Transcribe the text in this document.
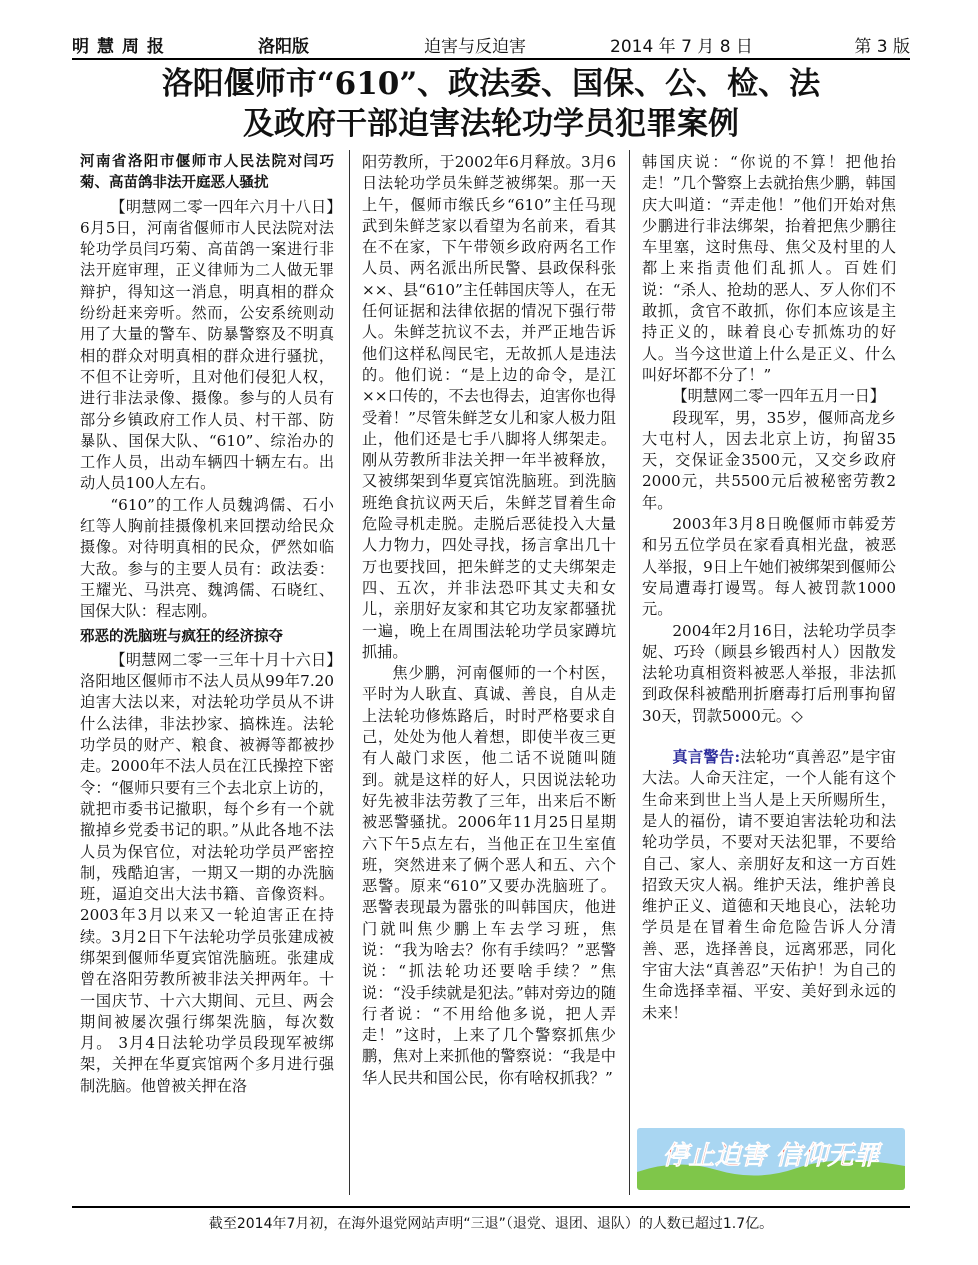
明慧周报	洛阳版	迫害与反迫害	2014 年 7 月 8 日	第 3 版
洛阳偃师市“610”、政法委、国保、公、检、法
及政府干部迫害法轮功学员犯罪案例
河南省洛阳市偃师市人民法院对闫巧菊、高苗鸽非法开庭恶人骚扰

【明慧网二零一四年六月十八日】6月5日，河南省偃师市人民法院对法轮功学员闫巧菊、高苗鸽一案进行非法开庭审理，正义律师为二人做无罪辩护，得知这一消息，明真相的群众纷纷赶来旁听。然而，公安系统则动用了大量的警车、防暴警察及不明真相的群众对明真相的群众进行骚扰，不但不让旁听，且对他们侵犯人权，进行非法录像、摄像。参与的人员有部分乡镇政府工作人员、村干部、防暴队、国保大队、“610”、综治办的工作人员，出动车辆四十辆左右。出动人员100人左右。

“610”的工作人员魏鸿儒、石小红等人胸前挂摄像机来回摆动给民众摄像。对待明真相的民众，俨然如临大敌。参与的主要人员有：政法委：王耀光、马洪亮、魏鸿儒、石晓红、国保大队：程志刚。

邪恶的洗脑班与疯狂的经济掠夺

【明慧网二零一三年十月十六日】洛阳地区偃师市不法人员从99年7.20迫害大法以来，对法轮功学员从不讲什么法律，非法抄家、搞株连。法轮功学员的财产、粮食、被褥等都被抄走。2000年不法人员在江氏操控下密令：“偃师只要有三个去北京上访的，就把市委书记撤职，每个乡有一个就撤掉乡党委书记的职。”从此各地不法人员为保官位，对法轮功学员严密控制，残酷迫害，一期又一期的办洗脑班，逼迫交出大法书籍、音像资料。2003年3月以来又一轮迫害正在持续。3月2日下午法轮功学员张建成被绑架到偃师华夏宾馆洗脑班。张建成曾在洛阳劳教所被非法关押两年。十一国庆节、十六大期间、元旦、两会期间被屡次强行绑架洗脑，每次数月。 3月4日法轮功学员段现军被绑架，关押在华夏宾馆两个多月进行强制洗脑。他曾被关押在洛

阳劳教所，于2002年6月释放。3月6日法轮功学员朱鲜芝被绑架。那一天上午，偃师市缑氏乡“610”主任马现武到朱鲜芝家以看望为名前来，看其在不在家，下午带领乡政府两名工作人员、两名派出所民警、县政保科张××、县“610”主任韩国庆等人，在无任何证据和法律依据的情况下强行带人。朱鲜芝抗议不去，并严正地告诉他们这样私闯民宅，无故抓人是违法的。他们说：“是上边的命令，是江××口传的，不去也得去，迫害你也得受着！”尽管朱鲜芝女儿和家人极力阻止，他们还是七手八脚将人绑架走。刚从劳教所非法关押一年半被释放，又被绑架到华夏宾馆洗脑班。到洗脑班绝食抗议两天后，朱鲜芝冒着生命危险寻机走脱。走脱后恶徒投入大量人力物力，四处寻找，扬言拿出几十万也要找回，把朱鲜芝的丈夫绑架走四、五次，并非法恐吓其丈夫和女儿，亲朋好友家和其它功友家都骚扰一遍，晚上在周围法轮功学员家蹲坑抓捕。

焦少鹏，河南偃师的一个村医，平时为人耿直、真诚、善良，自从走上法轮功修炼路后，时时严格要求自己，处处为他人着想，即使半夜三更有人敲门求医，他二话不说随叫随到。就是这样的好人，只因说法轮功好先被非法劳教了三年，出来后不断被恶警骚扰。2006年11月25日星期六下午5点左右，当他正在卫生室值班，突然进来了俩个恶人和五、六个恶警。原来“610”又要办洗脑班了。恶警表现最为嚣张的叫韩国庆，他进门就叫焦少鹏上车去学习班，焦说：“我为啥去？你有手续吗？”恶警说：“抓法轮功还要啥手续？”焦说：“没手续就是犯法。”韩对旁边的随行者说：“不用给他多说，把人弄走！”这时，上来了几个警察抓焦少鹏，焦对上来抓他的警察说：“我是中华人民共和国公民，你有啥权抓我？”

韩国庆说：“你说的不算！把他抬走！”几个警察上去就抬焦少鹏，韩国庆大叫道：“弄走他！”他们开始对焦少鹏进行非法绑架，抬着把焦少鹏往车里塞，这时焦母、焦父及村里的人都上来指责他们乱抓人。百姓们说：“杀人、抢劫的恶人、歹人你们不敢抓，贪官不敢抓，你们本应该是主持正义的，昧着良心专抓炼功的好人。当今这世道上什么是正义、什么叫好坏都不分了！”

【明慧网二零一四年五月一日】

段现军，男，35岁，偃师高龙乡大屯村人，因去北京上访，拘留35天，交保证金3500元，又交乡政府2000元，共5500元后被秘密劳教2年。

2003年3月8日晚偃师市韩爱芳和另五位学员在家看真相光盘，被恶人举报，9日上午她们被绑架到偃师公安局遭毒打谩骂。每人被罚款1000元。

2004年2月16日，法轮功学员李妮、巧玲（顾县乡锻西村人）因散发法轮功真相资料被恶人举报，非法抓到政保科被酷刑折磨毒打后刑事拘留30天，罚款5000元。◇

真言警告:法轮功“真善忍”是宇宙大法。人命天注定，一个人能有这个生命来到世上当人是上天所赐所生，是人的福份，请不要迫害法轮功和法轮功学员，不要对天法犯罪，不要给自己、家人、亲朋好友和这一方百姓招致天灾人祸。维护天法，维护善良维护正义、道德和天地良心，法轮功学员是在冒着生命危险告诉人分清善、恶，选择善良，远离邪恶，同化宇宙大法“真善忍”天佑护！为自己的生命选择幸福、平安、美好到永远的未来！

停止迫害 信仰无罪
截至2014年7月初，在海外退党网站声明“三退”（退党、退团、退队）的人数已超过1.7亿。
